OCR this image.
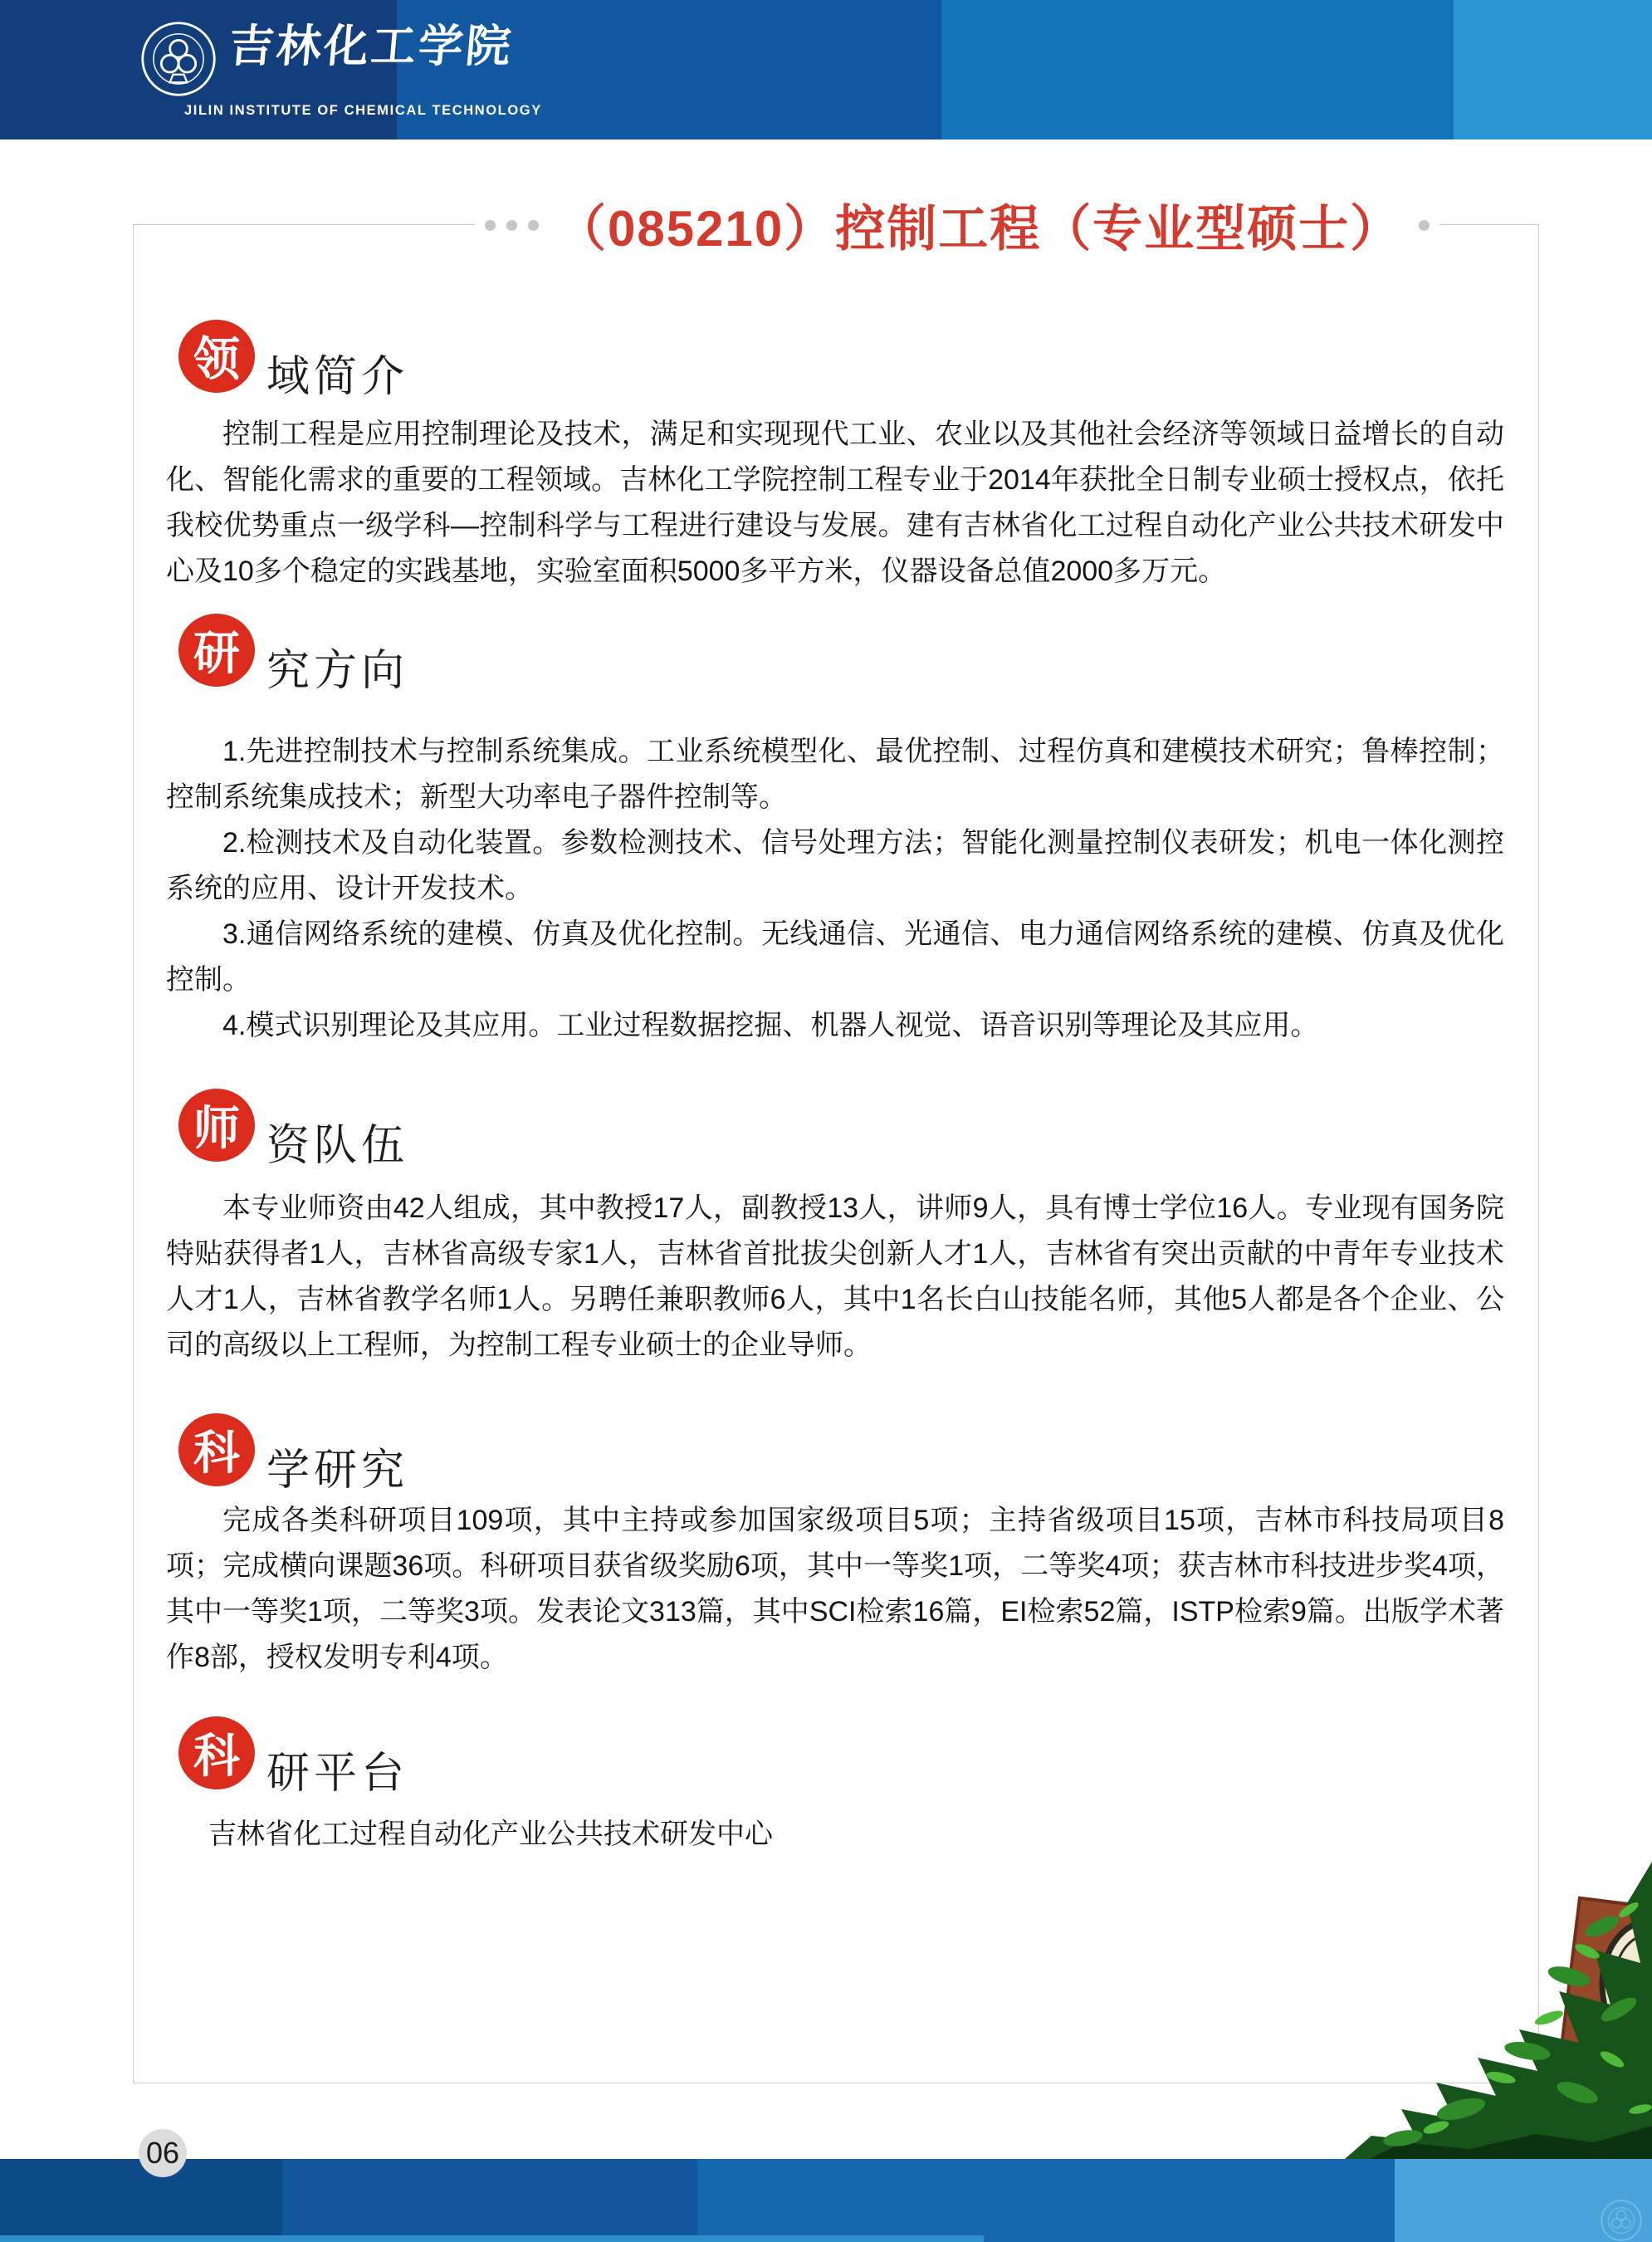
吉林化工学院
JILIN INSTITUTE OF CHEMICAL TECHNOLOGY
（085210）控制工程（专业型硕士）
领 域简介

控制工程是应用控制理论及技术，满足和实现现代工业、农业以及其他社会经济等领域日益增长的自动化、智能化需求的重要的工程领域。吉林化工学院控制工程专业于2014年获批全日制专业硕士授权点，依托我校优势重点一级学科—控制科学与工程进行建设与发展。建有吉林省化工过程自动化产业公共技术研发中心及10多个稳定的实践基地，实验室面积5000多平方米，仪器设备总值2000多万元。

研 究方向

1.先进控制技术与控制系统集成。工业系统模型化、最优控制、过程仿真和建模技术研究；鲁棒控制；控制系统集成技术；新型大功率电子器件控制等。

2.检测技术及自动化装置。参数检测技术、信号处理方法；智能化测量控制仪表研发；机电一体化测控系统的应用、设计开发技术。

3.通信网络系统的建模、仿真及优化控制。无线通信、光通信、电力通信网络系统的建模、仿真及优化控制。

4.模式识别理论及其应用。工业过程数据挖掘、机器人视觉、语音识别等理论及其应用。

师 资队伍

本专业师资由42人组成，其中教授17人，副教授13人，讲师9人，具有博士学位16人。专业现有国务院特贴获得者1人，吉林省高级专家1人，吉林省首批拔尖创新人才1人，吉林省有突出贡献的中青年专业技术人才1人，吉林省教学名师1人。另聘任兼职教师6人，其中1名长白山技能名师，其他5人都是各个企业、公司的高级以上工程师，为控制工程专业硕士的企业导师。

科 学研究

完成各类科研项目109项，其中主持或参加国家级项目5项；主持省级项目15项，吉林市科技局项目8项；完成横向课题36项。科研项目获省级奖励6项，其中一等奖1项，二等奖4项；获吉林市科技进步奖4项，其中一等奖1项，二等奖3项。发表论文313篇，其中SCI检索16篇，EI检索52篇，ISTP检索9篇。出版学术著作8部，授权发明专利4项。

科 研平台

吉林省化工过程自动化产业公共技术研发中心

06
